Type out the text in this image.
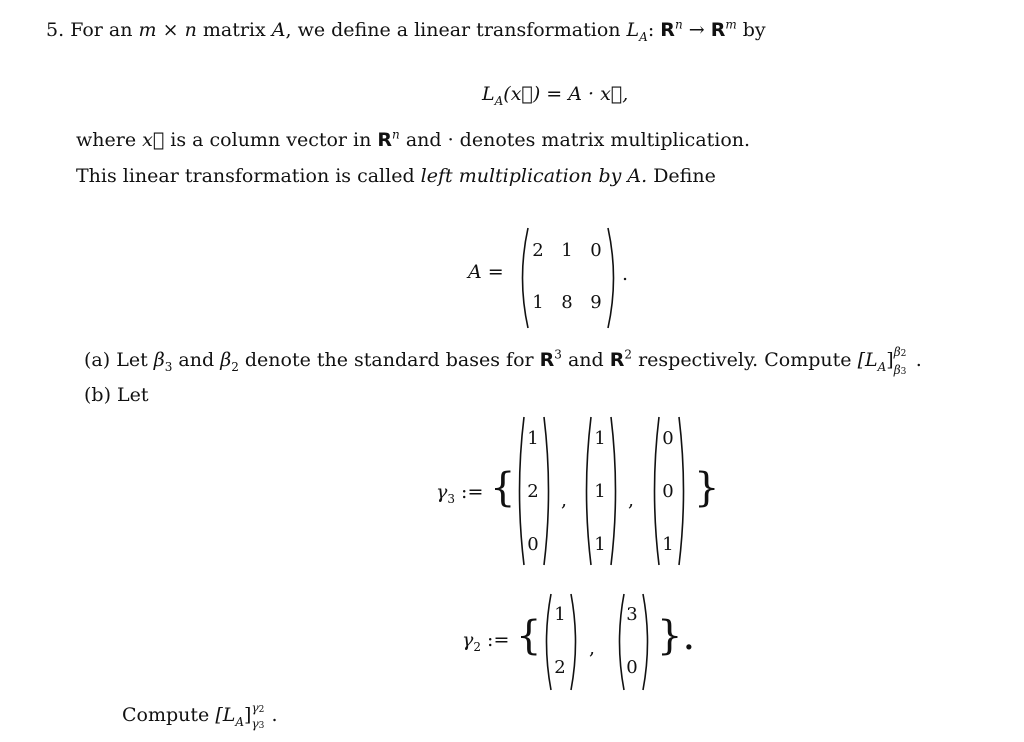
5. For an m × n matrix A, we define a linear transformation $L_A$: $R^n \to R^m$ by
$L_A(x⃗) = A$ · x⃗,
where x⃗ is a column vector in $R^n$ and · denotes matrix multiplication.
This linear transformation is called left multiplication by A. Define
A =
2 1 0
1 8 9
.
(a) Let $\beta_3$ and $\beta_2$ denote the standard bases for $R^3$ and $R^2$ respectively. Compute $[L_A]$ β2
β3
.
(b) Let
$\gamma_3$ := {
1
2
0
,
1
1
1
,
0
0
1
}
$\gamma_2$ := { 1
2
,
3
0
}.
Compute $[L_A]$ γ2
γ3 .
